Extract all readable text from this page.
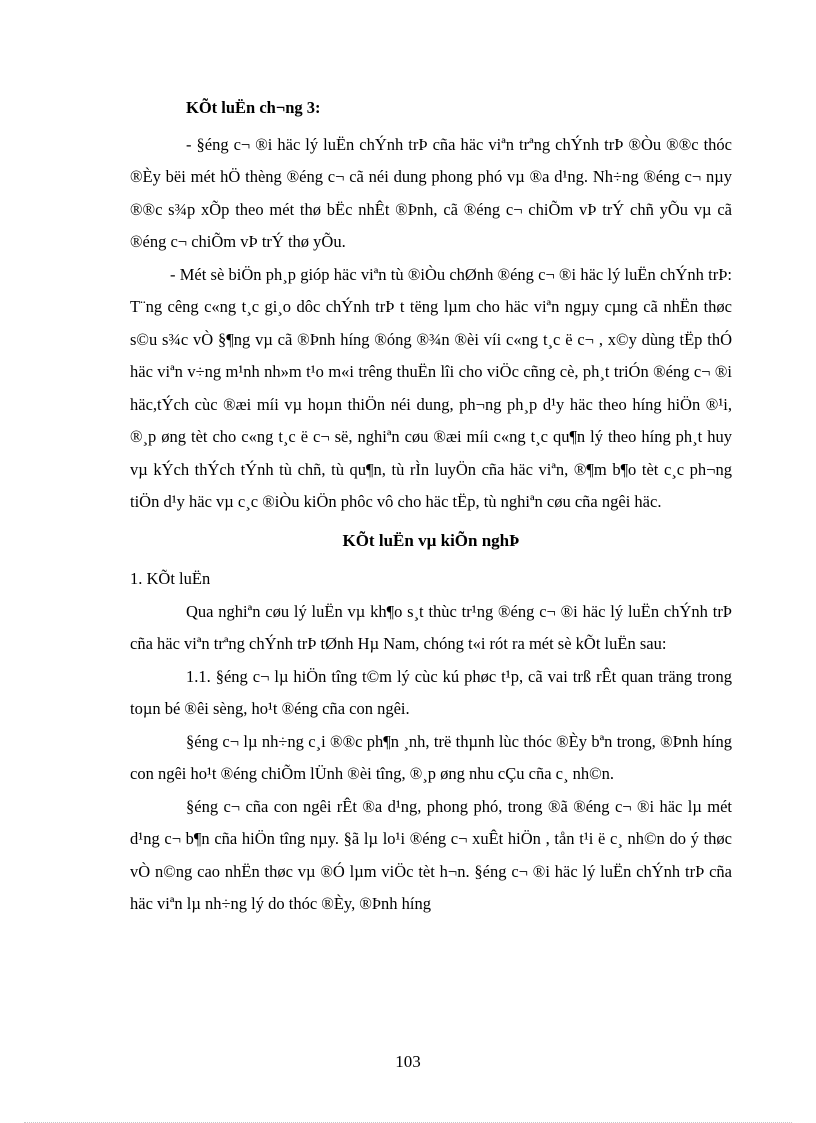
KÕt luËn ch¬ng 3:

- §éng c¬ ®i häc lý luËn chÝnh trÞ cña häc viªn trªng chÝnh trÞ ®Òu ®®c thóc ®Èy bëi mét hÖ thèng ®éng c¬ cã néi dung phong phó vµ ®a d¹ng. Nh÷ng ®éng c¬ nµy ®®c s¾p xÕp theo mét thø bËc nhÊt ®Þnh, cã ®éng c¬ chiÕm vÞ trÝ chñ yÕu vµ cã ®éng c¬ chiÕm vÞ trÝ thø yÕu.

- Mét sè biÖn ph¸p gióp häc viªn tù ®iÒu chØnh ®éng c¬ ®i häc lý luËn chÝnh trÞ: T¨ng cêng c«ng t¸c gi¸o dôc chÝnh trÞ t tëng lµm cho häc viªn ngµy cµng cã nhËn thøc s©u s¾c vÒ §¶ng vµ cã ®Þnh híng ®óng ®¾n ®èi víi c«ng t¸c ë c¬ , x©y dùng tËp thÓ häc viªn v÷ng m¹nh nh»m t¹o m«i trêng thuËn lîi cho viÖc cñng cè, ph¸t triÓn ®éng c¬ ®i häc,tÝch cùc ®æi míi vµ hoµn thiÖn néi dung, ph¬ng ph¸p d¹y häc theo híng hiÖn ®¹i, ®¸p øng tèt cho c«ng t¸c ë c¬ së, nghiªn cøu ®æi míi c«ng t¸c qu¶n lý theo híng ph¸t huy vµ kÝch thÝch tÝnh tù chñ, tù qu¶n, tù rÌn luyÖn cña häc viªn, ®¶m b¶o tèt c¸c ph¬ng tiÖn d¹y häc vµ c¸c ®iÒu kiÖn phôc vô cho häc tËp, tù nghiªn cøu cña ngêi häc.

KÕt luËn vµ kiÕn nghÞ

1. KÕt luËn

Qua nghiªn cøu lý luËn vµ kh¶o s¸t thùc tr¹ng ®éng c¬ ®i häc lý luËn chÝnh trÞ cña häc viªn trªng chÝnh trÞ tØnh Hµ Nam, chóng t«i rót ra mét sè kÕt luËn sau:

1.1. §éng c¬ lµ hiÖn tîng t©m lý cùc kú phøc t¹p, cã vai trß rÊt quan träng trong toµn bé ®êi sèng, ho¹t ®éng cña con ngêi.

§éng c¬ lµ nh÷ng c¸i ®®c ph¶n ¸nh, trë thµnh lùc thóc ®Èy bªn trong, ®Þnh híng con ngêi ho¹t ®éng chiÕm lÜnh ®èi tîng, ®¸p øng nhu cÇu cña c¸ nh©n.

§éng c¬ cña con ngêi rÊt ®a d¹ng, phong phó, trong ®ã ®éng c¬ ®i häc lµ mét d¹ng c¬ b¶n cña hiÖn tîng nµy. §ã lµ lo¹i ®éng c¬ xuÊt hiÖn , tån t¹i ë c¸ nh©n do ý thøc vÒ n©ng cao nhËn thøc vµ ®Ó lµm viÖc tèt h¬n. §éng c¬ ®i häc lý luËn chÝnh trÞ cña häc viªn lµ nh÷ng lý do thóc ®Èy, ®Þnh híng

103
